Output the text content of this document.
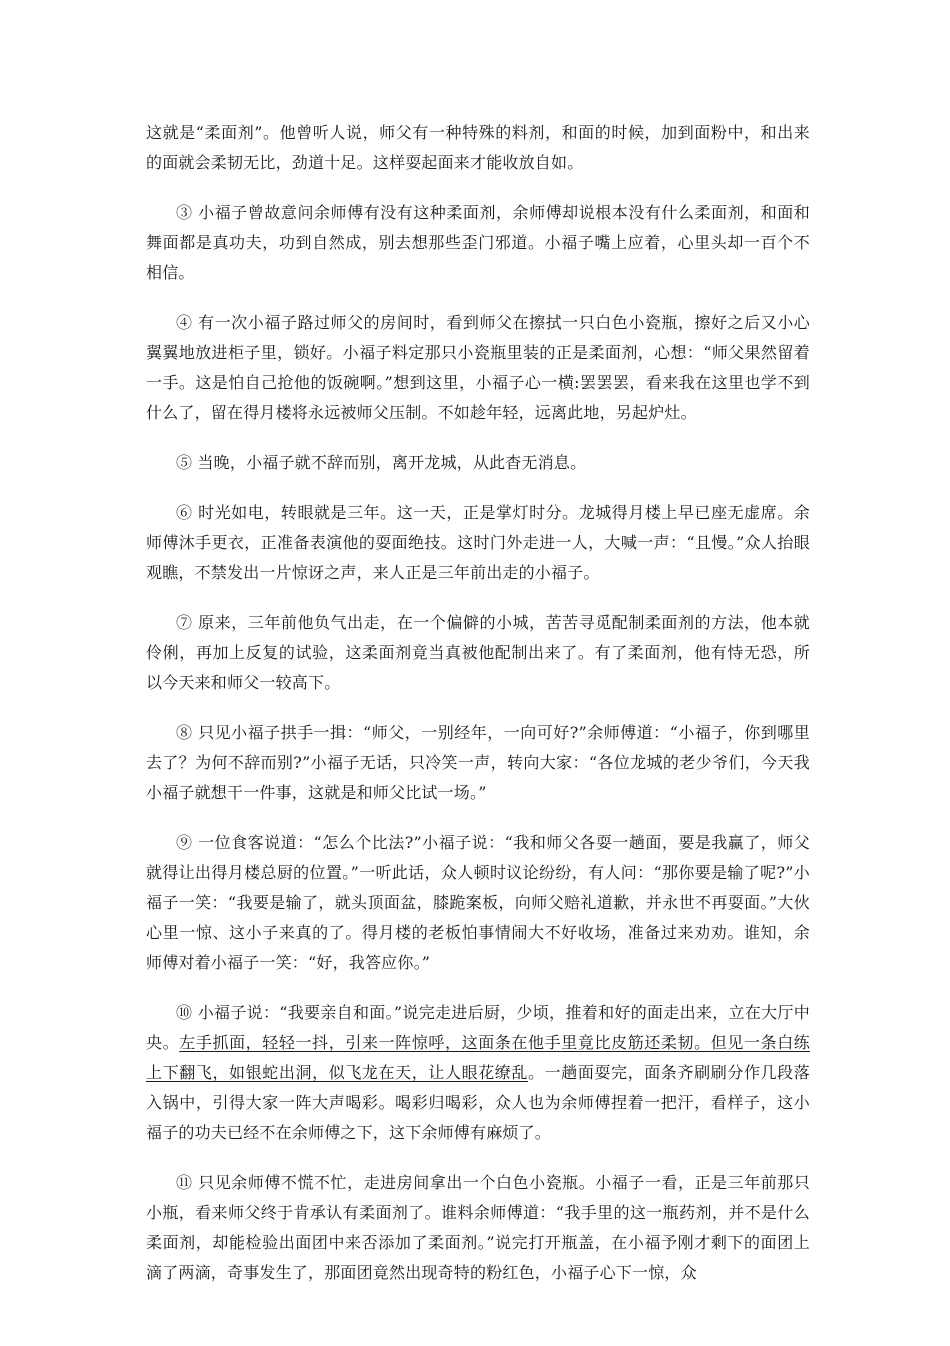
这就是“柔面剂”。他曾听人说，师父有一种特殊的料剂，和面的时候，加到面粉中，和出来的面就会柔韧无比，劲道十足。这样耍起面来才能收放自如。

③ 小福子曾故意问余师傅有没有这种柔面剂，余师傅却说根本没有什么柔面剂，和面和舞面都是真功夫，功到自然成，别去想那些歪门邪道。小福子嘴上应着，心里头却一百个不相信。

④ 有一次小福子路过师父的房间时，看到师父在擦拭一只白色小瓷瓶，擦好之后又小心翼翼地放进柜子里，锁好。小福子料定那只小瓷瓶里装的正是柔面剂，心想：“师父果然留着一手。这是怕自己抢他的饭碗啊。”想到这里，小福子心一横:罢罢罢，看来我在这里也学不到什么了，留在得月楼将永远被师父压制。不如趁年轻，远离此地，另起炉灶。

⑤ 当晚，小福子就不辞而别，离开龙城，从此杳无消息。

⑥ 时光如电，转眼就是三年。这一天，正是掌灯时分。龙城得月楼上早已座无虚席。余师傅沐手更衣，正准备表演他的耍面绝技。这时门外走进一人，大喊一声：“且慢。”众人抬眼观瞧，不禁发出一片惊讶之声，来人正是三年前出走的小福子。

⑦ 原来，三年前他负气出走，在一个偏僻的小城，苦苦寻觅配制柔面剂的方法，他本就伶俐，再加上反复的试验，这柔面剂竟当真被他配制出来了。有了柔面剂，他有恃无恐，所以今天来和师父一较高下。

⑧ 只见小福子拱手一揖：“师父，一别经年，一向可好?”余师傅道：“小福子，你到哪里去了？为何不辞而别?”小福子无话，只冷笑一声，转向大家：“各位龙城的老少爷们，今天我小福子就想干一件事，这就是和师父比试一场。”

⑨ 一位食客说道：“怎么个比法?”小福子说：“我和师父各耍一趟面，要是我赢了，师父就得让出得月楼总厨的位置。”一听此话，众人顿时议论纷纷，有人问：“那你要是输了呢?”小福子一笑：“我要是输了，就头顶面盆，膝跪案板，向师父赔礼道歉，并永世不再耍面。”大伙心里一惊、这小子来真的了。得月楼的老板怕事情闹大不好收场，准备过来劝劝。谁知，余师傅对着小福子一笑：“好，我答应你。”

⑩ 小福子说：“我要亲自和面。”说完走进后厨，少顷，推着和好的面走出来，立在大厅中央。左手抓面，轻轻一抖，引来一阵惊呼，这面条在他手里竟比皮筋还柔韧。但见一条白练上下翻飞，如银蛇出洞，似飞龙在天，让人眼花缭乱。一趟面耍完，面条齐刷刷分作几段落入锅中，引得大家一阵大声喝彩。喝彩归喝彩，众人也为余师傅捏着一把汗，看样子，这小福子的功夫已经不在余师傅之下，这下余师傅有麻烦了。

⑪ 只见余师傅不慌不忙，走进房间拿出一个白色小瓷瓶。小福子一看，正是三年前那只小瓶，看来师父终于肯承认有柔面剂了。谁料余师傅道：“我手里的这一瓶药剂，并不是什么柔面剂，却能检验出面团中来否添加了柔面剂。”说完打开瓶盖，在小福予刚才剩下的面团上滴了两滴，奇事发生了，那面团竟然出现奇特的粉红色，小福子心下一惊，众
